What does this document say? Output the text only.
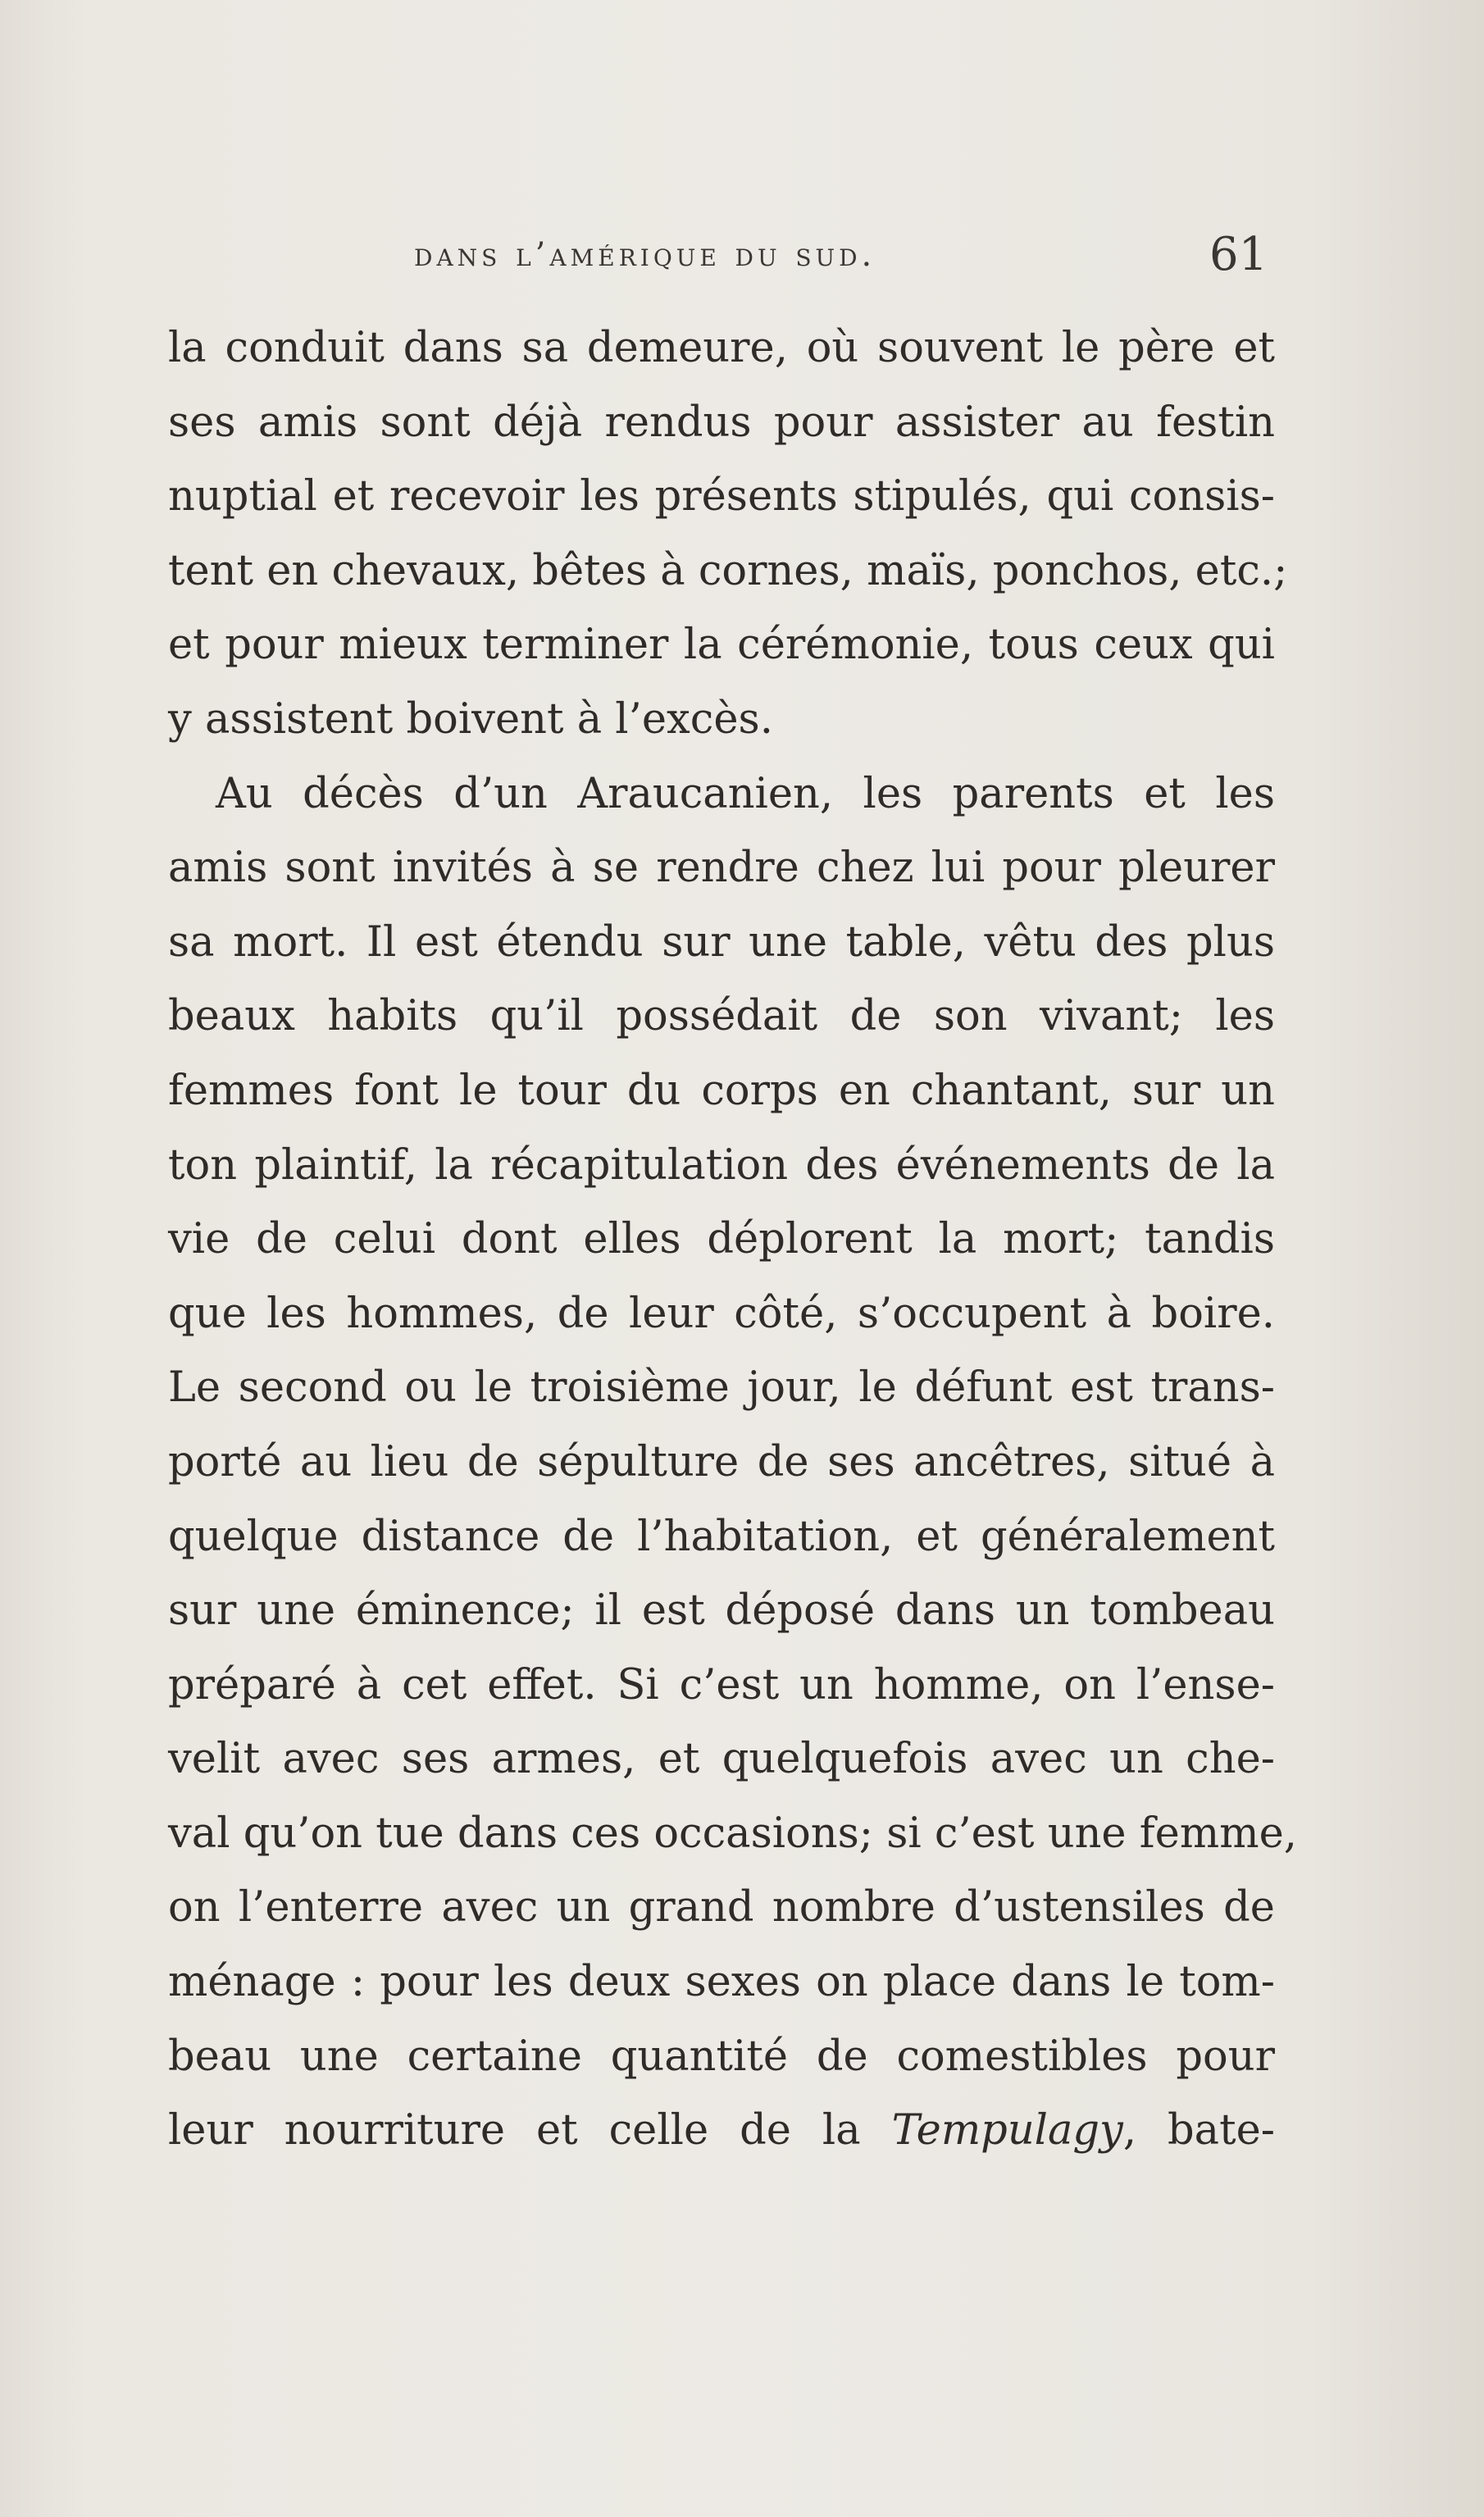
dans l’amérique du sud.	61
la conduit dans sa demeure, où souvent le père et
ses amis sont déjà rendus pour assister au festin
nuptial et recevoir les présents stipulés, qui consis-
tent en chevaux, bêtes à cornes, maïs, ponchos, etc.;
et pour mieux terminer la cérémonie, tous ceux qui
y assistent boivent à l’excès.
Au décès d’un Araucanien, les parents et les
amis sont invités à se rendre chez lui pour pleurer
sa mort. Il est étendu sur une table, vêtu des plus
beaux habits qu’il possédait de son vivant; les
femmes font le tour du corps en chantant, sur un
ton plaintif, la récapitulation des événements de la
vie de celui dont elles déplorent la mort; tandis
que les hommes, de leur côté, s’occupent à boire.
Le second ou le troisième jour, le défunt est trans-
porté au lieu de sépulture de ses ancêtres, situé à
quelque distance de l’habitation, et généralement
sur une éminence; il est déposé dans un tombeau
préparé à cet effet. Si c’est un homme, on l’ense-
velit avec ses armes, et quelquefois avec un che-
val qu’on tue dans ces occasions; si c’est une femme,
on l’enterre avec un grand nombre d’ustensiles de
ménage : pour les deux sexes on place dans le tom-
beau une certaine quantité de comestibles pour
leur nourriture et celle de la Tempulagy, bate-
